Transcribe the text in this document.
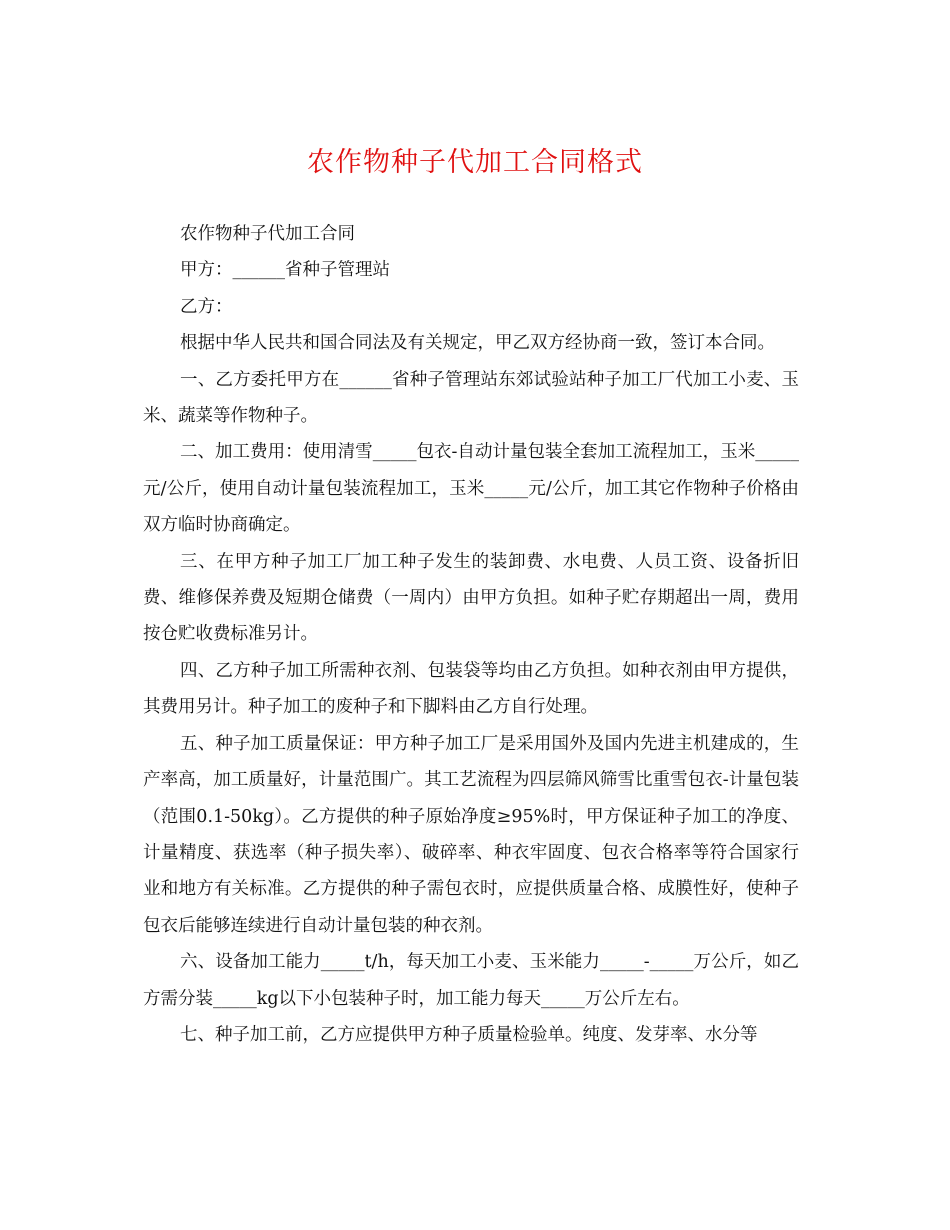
农作物种子代加工合同格式

农作物种子代加工合同

甲方：______省种子管理站

乙方：

根据中华人民共和国合同法及有关规定，甲乙双方经协商一致，签订本合同。

一、乙方委托甲方在______省种子管理站东郊试验站种子加工厂代加工小麦、玉米、蔬菜等作物种子。

二、加工费用：使用清雪_____包衣-自动计量包装全套加工流程加工，玉米_____元/公斤，使用自动计量包装流程加工，玉米_____元/公斤，加工其它作物种子价格由双方临时协商确定。

三、在甲方种子加工厂加工种子发生的装卸费、水电费、人员工资、设备折旧费、维修保养费及短期仓储费（一周内）由甲方负担。如种子贮存期超出一周，费用按仓贮收费标准另计。

四、乙方种子加工所需种衣剂、包装袋等均由乙方负担。如种衣剂由甲方提供，其费用另计。种子加工的废种子和下脚料由乙方自行处理。

五、种子加工质量保证：甲方种子加工厂是采用国外及国内先进主机建成的，生产率高，加工质量好，计量范围广。其工艺流程为四层筛风筛雪比重雪包衣-计量包装（范围0.1-50kg）。乙方提供的种子原始净度≥95%时，甲方保证种子加工的净度、计量精度、获选率（种子损失率）、破碎率、种衣牢固度、包衣合格率等符合国家行业和地方有关标准。乙方提供的种子需包衣时，应提供质量合格、成膜性好，使种子包衣后能够连续进行自动计量包装的种衣剂。

六、设备加工能力_____t/h，每天加工小麦、玉米能力_____-_____万公斤，如乙方需分装_____kg以下小包装种子时，加工能力每天_____万公斤左右。

七、种子加工前，乙方应提供甲方种子质量检验单。纯度、发芽率、水分等
